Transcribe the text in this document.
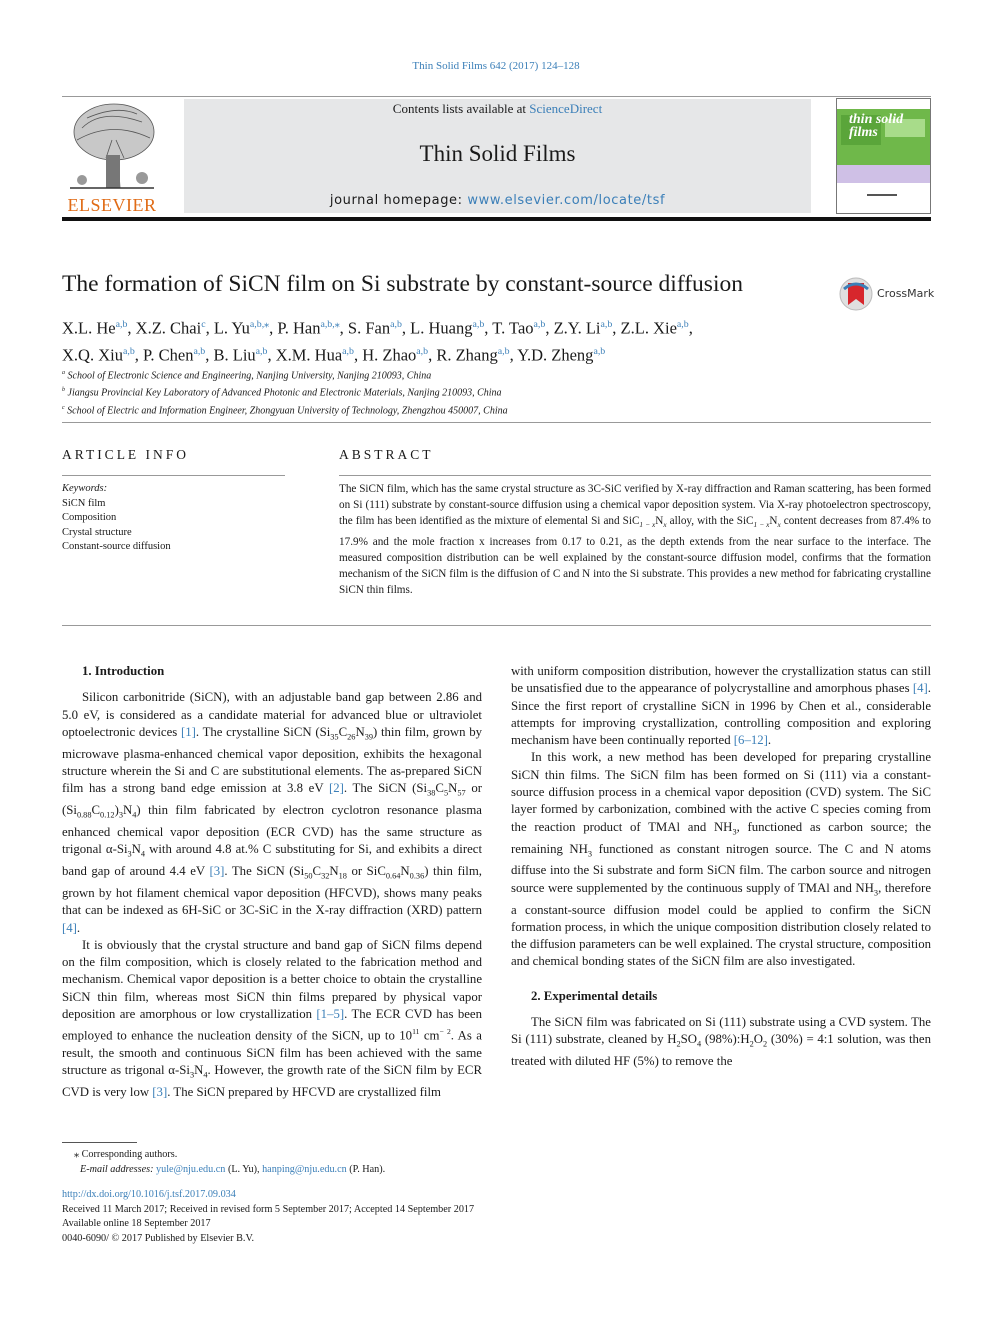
Thin Solid Films 642 (2017) 124–128
Contents lists available at ScienceDirect
Thin Solid Films
journal homepage: www.elsevier.com/locate/tsf
ELSEVIER
thin solid films
The formation of SiCN film on Si substrate by constant-source diffusion	CrossMark
X.L. He$^{a,b}$, X.Z. Chai$^c$, L. $Yu^{a,b,⁎}$, P. Han$^{a,b,⁎}$, S. Fan$^{a,b}$, L. Huang$^{a,b}$, T. Tao$^{a,b}$, Z.Y. Li$^{a,b}$, Z.L. Xie$^{a,b}$,
X.Q. Xiu$^{a,b}$, P. Chen$^{a,b}$, B. Liu$^{a,b}$, X.M. Hua$^{a,b}$, H. Zhao$^{a,b}$, R. Zhang$^{a,b}$, Y.D. Zheng$^{a,b}$
$^a$ School of Electronic Science and Engineering, Nanjing University, Nanjing 210093, China
$^b$ Jiangsu Provincial Key Laboratory of Advanced Photonic and Electronic Materials, Nanjing 210093, China
$^c$ School of Electric and Information Engineer, Zhongyuan University of Technology, Zhengzhou 450007, China
ARTICLE INFO	ABSTRACT
Keywords:
SiCN film
Composition
Crystal structure
Constant-source diffusion
The SiCN film, which has the same crystal structure as 3C-SiC verified by X-ray diffraction and Raman scattering, has been formed on Si (111) substrate by constant-source diffusion using a chemical vapor deposition system. Via X-ray photoelectron spectroscopy, the film has been identified as the mixture of elemental Si and $SiC_{1 - x}N_x$ alloy, with the $SiC_{1 - x}N_x$ content decreases from 87.4% to 17.9% and the mole fraction x increases from 0.17 to 0.21, as the depth extends from the near surface to the interface. The measured composition distribution can be well explained by the constant-source diffusion model, confirms that the formation mechanism of the SiCN film is the diffusion of C and N into the Si substrate. This provides a new method for fabricating crystalline SiCN thin films.

1. Introduction

Silicon carbonitride (SiCN), with an adjustable band gap between 2.86 and 5.0 eV, is considered as a candidate material for advanced blue or ultraviolet optoelectronic devices [1]. The crystalline SiCN $(Si_{35}C_{26}N_{39})$ thin film, grown by microwave plasma-enhanced chemical vapor deposition, exhibits the hexagonal structure wherein the Si and C are substitutional elements. The as-prepared SiCN film has a strong band edge emission at 3.8 eV [2]. The SiCN ($Si_{38}C_5N_{57}$ or $(Si_{0.88}C_{0.12})_3N_4$) thin film fabricated by electron cyclotron resonance plasma enhanced chemical vapor deposition (ECR CVD) has the same structure as trigonal $\alpha-Si_3N_4$ with around 4.8 at.% C substituting for Si, and exhibits a direct band gap of around 4.4 eV [3]. The SiCN ($Si_{50}C_{32}N_{18}$ or $SiC_{0.64}N_{0.36}$) thin film, grown by hot filament chemical vapor deposition (HFCVD), shows many peaks that can be indexed as 6H-SiC or 3C-SiC in the X-ray diffraction (XRD) pattern [4].

It is obviously that the crystal structure and band gap of SiCN films depend on the film composition, which is closely related to the fabrication method and mechanism. Chemical vapor deposition is a better choice to obtain the crystalline SiCN thin film, whereas most SiCN thin films prepared by physical vapor deposition are amorphous or low crystallization [1–5]. The ECR CVD has been employed to enhance the nucleation density of the SiCN, up to $10^{11}$ $cm^{- 2}$. As a result, the smooth and continuous SiCN film has been achieved with the same structure as trigonal $\alpha-Si_3N_4$. However, the growth rate of the SiCN film by ECR CVD is very low [3]. The SiCN prepared by HFCVD are crystallized film

with uniform composition distribution, however the crystallization status can still be unsatisfied due to the appearance of polycrystalline and amorphous phases [4]. Since the first report of crystalline SiCN in 1996 by Chen et al., considerable attempts for improving crystallization, controlling composition and exploring mechanism have been continually reported [6–12].

In this work, a new method has been developed for preparing crystalline SiCN thin films. The SiCN film has been formed on Si (111) via a constant-source diffusion process in a chemical vapor deposition (CVD) system. The SiC layer formed by carbonization, combined with the active C species coming from the reaction product of TMAl and $NH_3$, functioned as carbon source; the remaining $NH_3$ functioned as constant nitrogen source. The C and N atoms diffuse into the Si substrate and form SiCN film. The carbon source and nitrogen source were supplemented by the continuous supply of TMAl and $NH_3$, therefore a constant-source diffusion model could be applied to confirm the SiCN formation process, in which the unique composition distribution closely related to the diffusion parameters can be well explained. The crystal structure, composition and chemical bonding states of the SiCN film are also investigated.

2. Experimental details

The SiCN film was fabricated on Si (111) substrate using a CVD system. The Si (111) substrate, cleaned by $H_2SO_4$ $(98\%):H_2O_2$ (30%) = 4:1 solution, was then treated with diluted HF (5%) to remove the

⁎ Corresponding authors.
E-mail addresses: yule@nju.edu.cn (L. Yu), hanping@nju.edu.cn (P. Han).
http://dx.doi.org/10.1016/j.tsf.2017.09.034
Received 11 March 2017; Received in revised form 5 September 2017; Accepted 14 September 2017
Available online 18 September 2017
0040-6090/ © 2017 Published by Elsevier B.V.
